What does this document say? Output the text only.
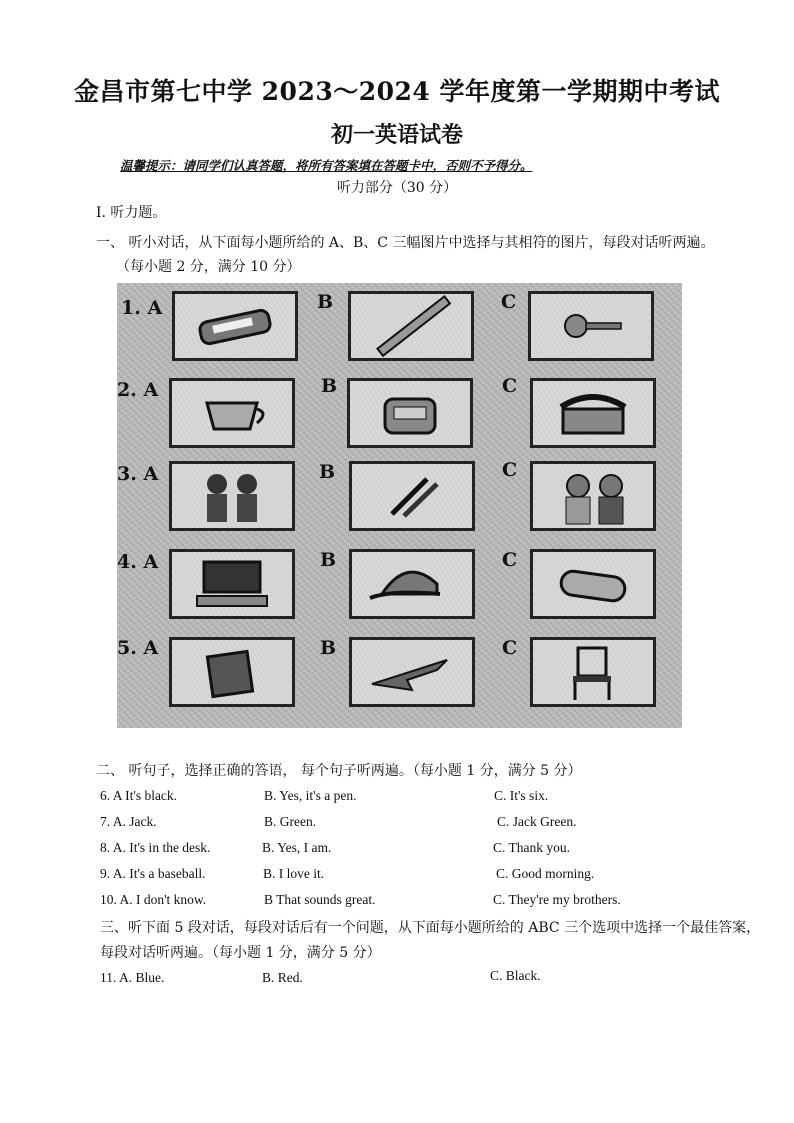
金昌市第七中学 2023～2024 学年度第一学期期中考试
初一英语试卷
温馨提示：请同学们认真答题，将所有答案填在答题卡中，否则不予得分。
听力部分（30 分）
I. 听力题。
一、 听小对话，从下面每小题所给的 A、B、C 三幅图片中选择与其相符的图片，每段对话听两遍。
（每小题 2 分，满分 10 分）
1. A	B	C
2. A	B	C
3. A	B	C
4. A	B	C
5. A	B	C
二、 听句子，选择正确的答语， 每个句子听两遍。（每小题 1 分，满分 5 分）
6. A It's black.	B. Yes, it's a pen.	C. It's six.
7. A. Jack.	B. Green.	C. Jack Green.
8. A. It's in the desk.	B. Yes, I am.	C. Thank you.
9. A. It's a baseball.	B. I love it.	C. Good morning.
10. A. I don't know.	B That sounds great.	C. They're my brothers.
三、听下面 5 段对话，每段对话后有一个问题，从下面每小题所给的 ABC 三个选项中选择一个最佳答案，
每段对话听两遍。（每小题 1 分，满分 5 分）
11. A. Blue.	B. Red.	C. Black.
